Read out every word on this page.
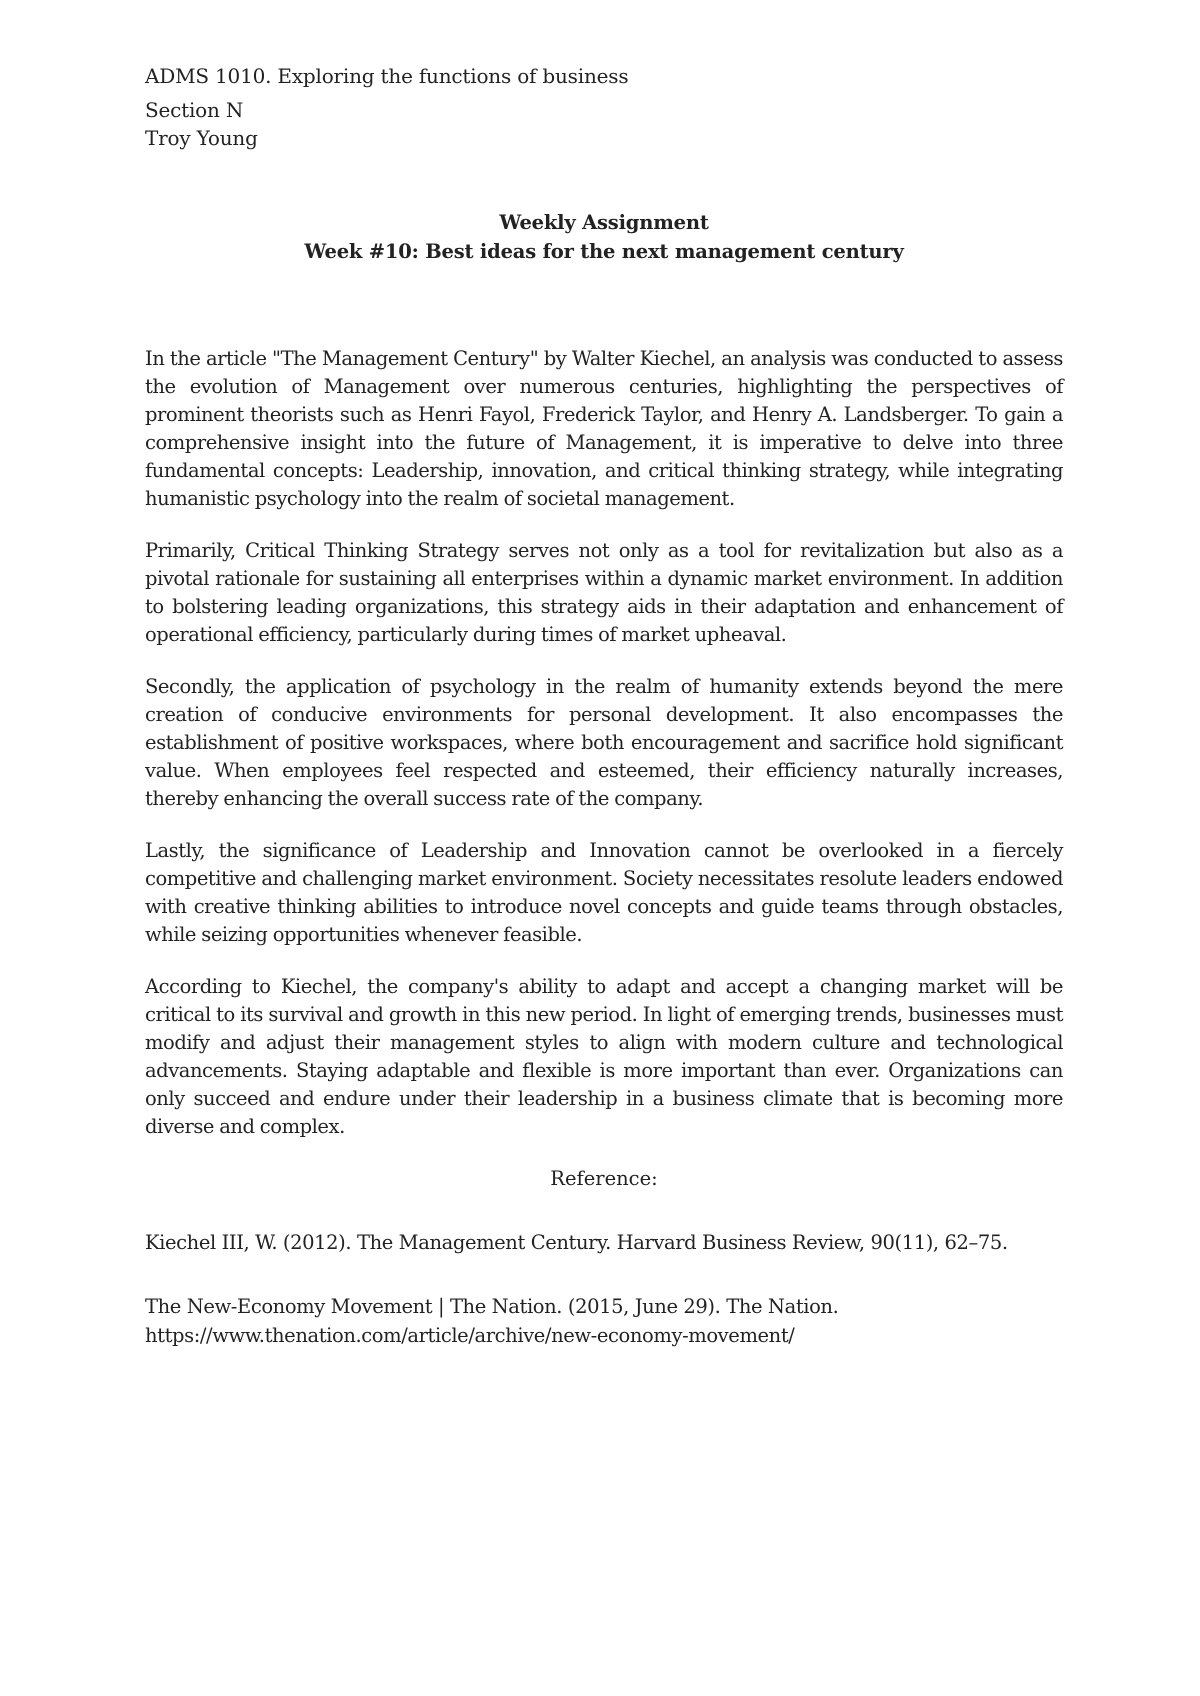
ADMS 1010. Exploring the functions of business

Section N

Troy Young

Weekly Assignment
Week #10: Best ideas for the next management century

In the article "The Management Century" by Walter Kiechel, an analysis was conducted to assess the evolution of Management over numerous centuries, highlighting the perspectives of prominent theorists such as Henri Fayol, Frederick Taylor, and Henry A. Landsberger. To gain a comprehensive insight into the future of Management, it is imperative to delve into three fundamental concepts: Leadership, innovation, and critical thinking strategy, while integrating humanistic psychology into the realm of societal management.

Primarily, Critical Thinking Strategy serves not only as a tool for revitalization but also as a pivotal rationale for sustaining all enterprises within a dynamic market environment. In addition to bolstering leading organizations, this strategy aids in their adaptation and enhancement of operational efficiency, particularly during times of market upheaval.

Secondly, the application of psychology in the realm of humanity extends beyond the mere creation of conducive environments for personal development. It also encompasses the establishment of positive workspaces, where both encouragement and sacrifice hold significant value. When employees feel respected and esteemed, their efficiency naturally increases, thereby enhancing the overall success rate of the company.

Lastly, the significance of Leadership and Innovation cannot be overlooked in a fiercely competitive and challenging market environment. Society necessitates resolute leaders endowed with creative thinking abilities to introduce novel concepts and guide teams through obstacles, while seizing opportunities whenever feasible.

According to Kiechel, the company's ability to adapt and accept a changing market will be critical to its survival and growth in this new period. In light of emerging trends, businesses must modify and adjust their management styles to align with modern culture and technological advancements. Staying adaptable and flexible is more important than ever. Organizations can only succeed and endure under their leadership in a business climate that is becoming more diverse and complex.

Reference:

Kiechel III, W. (2012). The Management Century. Harvard Business Review, 90(11), 62–75.
The New-Economy Movement | The Nation. (2015, June 29). The Nation.
https://www.thenation.com/article/archive/new-economy-movement/
